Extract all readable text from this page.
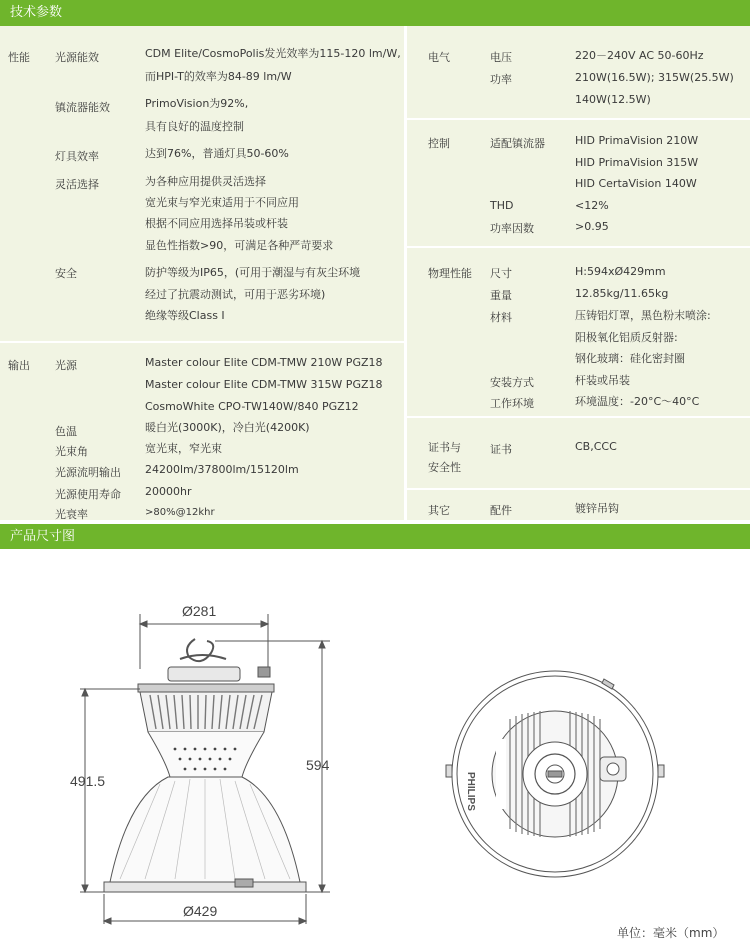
技术参数
性能 光源能效	CDM Elite/CosmoPolis发光效率为115-120 lm/W,
而HPI-T的效率为84-89 lm/W
镇流器能效	PrimoVision为92%,
具有良好的温度控制
灯具效率	达到76%，普通灯具50-60%
灵活选择	为各种应用提供灵活选择
宽光束与窄光束适用于不同应用
根据不同应用选择吊装或杆装
显色性指数>90，可满足各种严苛要求
安全	防护等级为IP65，(可用于潮湿与有灰尘环境
经过了抗震动测试，可用于恶劣环境)
绝缘等级Class I
输出 光源	Master colour Elite CDM-TMW 210W PGZ18
Master colour Elite CDM-TMW 315W PGZ18
CosmoWhite CPO-TW140W/840 PGZ12
色温	暖白光(3000K)，冷白光(4200K)
光束角	宽光束，窄光束
光源流明输出 24200lm/37800lm/15120lm
光源使用寿命 20000hr
光衰率	>80%@12khr
电气	电压	220－240V AC 50-60Hz
功率	210W(16.5W); 315W(25.5W)
140W(12.5W)
控制	适配镇流器	HID PrimaVision 210W
HID PrimaVision 315W
HID CertaVision 140W
THD	<12%
功率因数	>0.95
物理性能 尺寸	H:594xØ429mm
重量	12.85kg/11.65kg
材料	压铸铝灯罩，黑色粉末喷涂:
阳极氧化铝质反射器:
钢化玻璃：硅化密封圈
安装方式	杆装或吊装
工作环境	环境温度：-20°C～40°C
证书与
安全性
证书	CB,CCC
其它	配件	镀锌吊钩
产品尺寸图
Ø281
491.5
594
Ø429
PHILIPS
单位：毫米（mm）
